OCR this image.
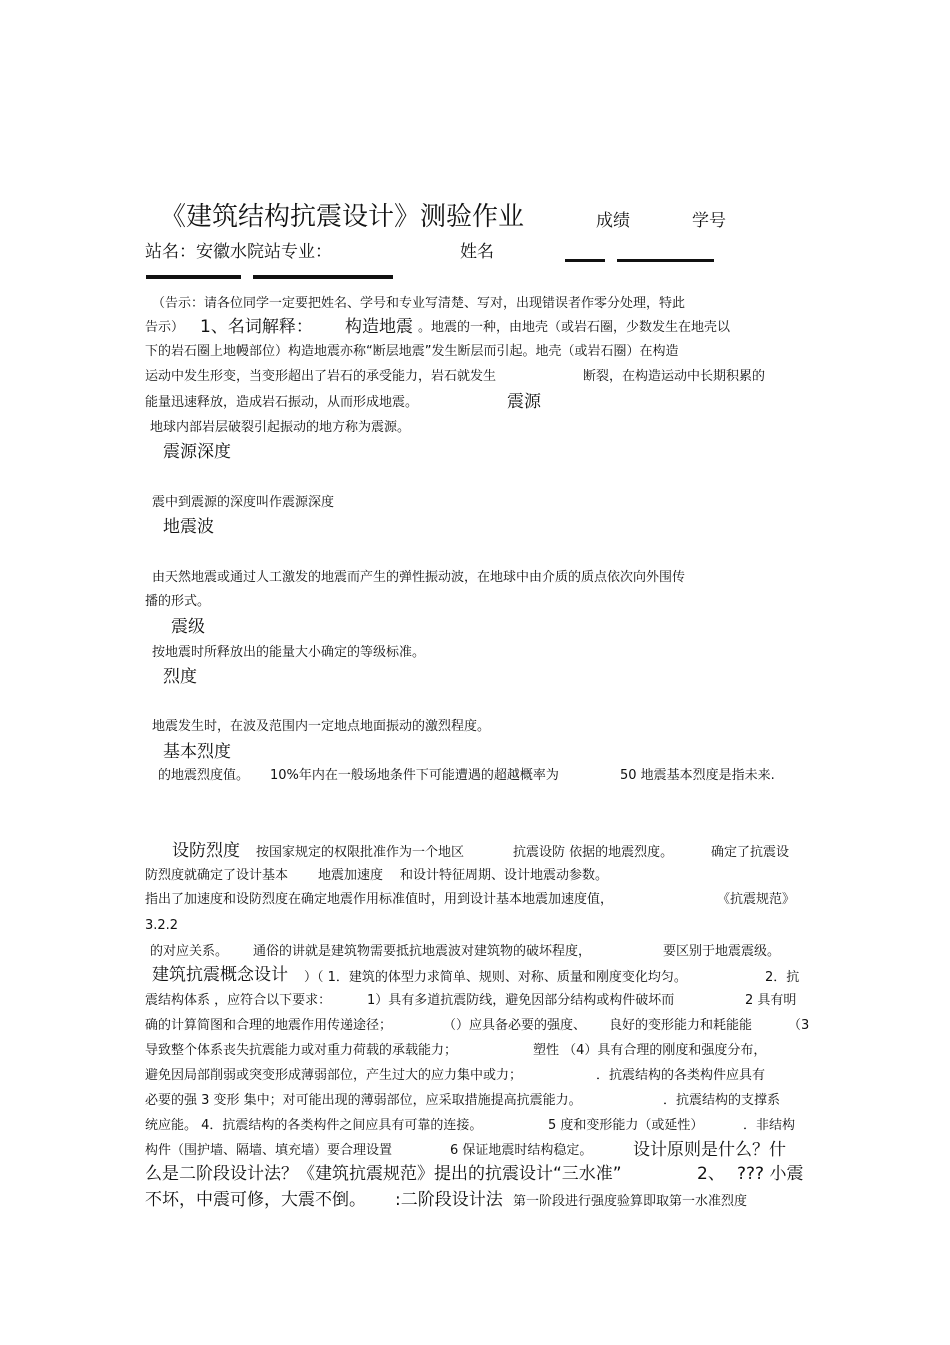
《建筑结构抗震设计》测验作业	成绩	学号
站名：安徽水院站专业：	姓名
（告示：请各位同学一定要把姓名、学号和专业写清楚、写对，出现错误者作零分处理，特此
告示） 1、名词解释： 构造地震 。地震的一种，由地壳（或岩石圈，少数发生在地壳以
下的岩石圈上地幔部位）构造地震亦称“断层地震”发生断层而引起。地壳（或岩石圈）在构造
运动中发生形变，当变形超出了岩石的承受能力，岩石就发生	断裂，在构造运动中长期积累的
能量迅速释放，造成岩石振动，从而形成地震。	震源
地球内部岩层破裂引起振动的地方称为震源。
震源深度
震中到震源的深度叫作震源深度
地震波
由天然地震或通过人工激发的地震而产生的弹性振动波，在地球中由介质的质点依次向外围传
播的形式。
震级
按地震时所释放出的能量大小确定的等级标准。
烈度
地震发生时，在波及范围内一定地点地面振动的激烈程度。
基本烈度
的地震烈度值。 10%年内在一般场地条件下可能遭遇的超越概率为	50 地震基本烈度是指未来.
设防烈度 按国家规定的权限批准作为一个地区	抗震设防 依据的地震烈度。	确定了抗震设
防烈度就确定了设计基本 地震加速度 和设计特征周期、设计地震动参数。
指出了加速度和设防烈度在确定地震作用标准值时，用到设计基本地震加速度值，	《抗震规范》
3.2.2
的对应关系。 通俗的讲就是建筑物需要抵抗地震波对建筑物的破坏程度，	要区别于地震震级。
建筑抗震概念设计 ）（ 1．建筑的体型力求简单、规则、对称、质量和刚度变化均匀。	2．抗
震结构体系 ，应符合以下要求：	1）具有多道抗震防线，避免因部分结构或构件破坏而	2 具有明
确的计算简图和合理的地震作用传递途径；	（）应具备必要的强度、 良好的变形能力和耗能能	（3
导致整个体系丧失抗震能力或对重力荷载的承载能力；	塑性 （4）具有合理的刚度和强度分布，
避免因局部削弱或突变形成薄弱部位，产生过大的应力集中或力；	．抗震结构的各类构件应具有
必要的强 3 变形 集中；对可能出现的薄弱部位，应采取措施提高抗震能力。	．抗震结构的支撑系
统应能。 4．抗震结构的各类构件之间应具有可靠的连接。	5 度和变形能力（或延性）	．非结构
构件（围护墙、隔墙、填充墙）要合理设置	6 保证地震时结构稳定。 设计原则是什么？什
么是二阶段设计法？《建筑抗震规范》提出的抗震设计“三水准”	2、 ??? 小震
不坏，中震可修，大震不倒。 :二阶段设计法 第一阶段进行强度验算即取第一水准烈度
